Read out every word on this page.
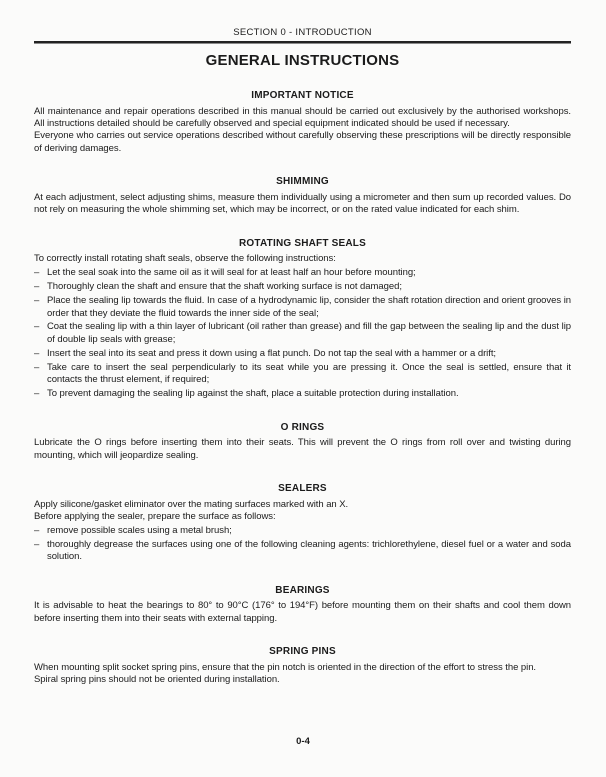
SECTION 0 - INTRODUCTION
GENERAL INSTRUCTIONS
IMPORTANT NOTICE

All maintenance and repair operations described in this manual should be carried out exclusively by the authorised workshops. All instructions detailed should be carefully observed and special equipment indicated should be used if necessary.

Everyone who carries out service operations described without carefully observing these prescriptions will be directly responsible of deriving damages.

SHIMMING

At each adjustment, select adjusting shims, measure them individually using a micrometer and then sum up recorded values. Do not rely on measuring the whole shimming set, which may be incorrect, or on the rated value indicated for each shim.

ROTATING SHAFT SEALS

To correctly install rotating shaft seals, observe the following instructions:

– Let the seal soak into the same oil as it will seal for at least half an hour before mounting;
– Thoroughly clean the shaft and ensure that the shaft working surface is not damaged;
– Place the sealing lip towards the fluid. In case of a hydrodynamic lip, consider the shaft rotation direction and orient grooves in order that they deviate the fluid towards the inner side of the seal;
– Coat the sealing lip with a thin layer of lubricant (oil rather than grease) and fill the gap between the sealing lip and the dust lip of double lip seals with grease;
– Insert the seal into its seat and press it down using a flat punch. Do not tap the seal with a hammer or a drift;
– Take care to insert the seal perpendicularly to its seat while you are pressing it. Once the seal is settled, ensure that it contacts the thrust element, if required;
– To prevent damaging the sealing lip against the shaft, place a suitable protection during installation.
O RINGS

Lubricate the O rings before inserting them into their seats. This will prevent the O rings from roll over and twisting during mounting, which will jeopardize sealing.

SEALERS

Apply silicone/gasket eliminator over the mating surfaces marked with an X.

Before applying the sealer, prepare the surface as follows:

– remove possible scales using a metal brush;
– thoroughly degrease the surfaces using one of the following cleaning agents: trichlorethylene, diesel fuel or a water and soda solution.
BEARINGS

It is advisable to heat the bearings to 80° to 90°C (176° to 194°F) before mounting them on their shafts and cool them down before inserting them into their seats with external tapping.

SPRING PINS

When mounting split socket spring pins, ensure that the pin notch is oriented in the direction of the effort to stress the pin.

Spiral spring pins should not be oriented during installation.

0-4
